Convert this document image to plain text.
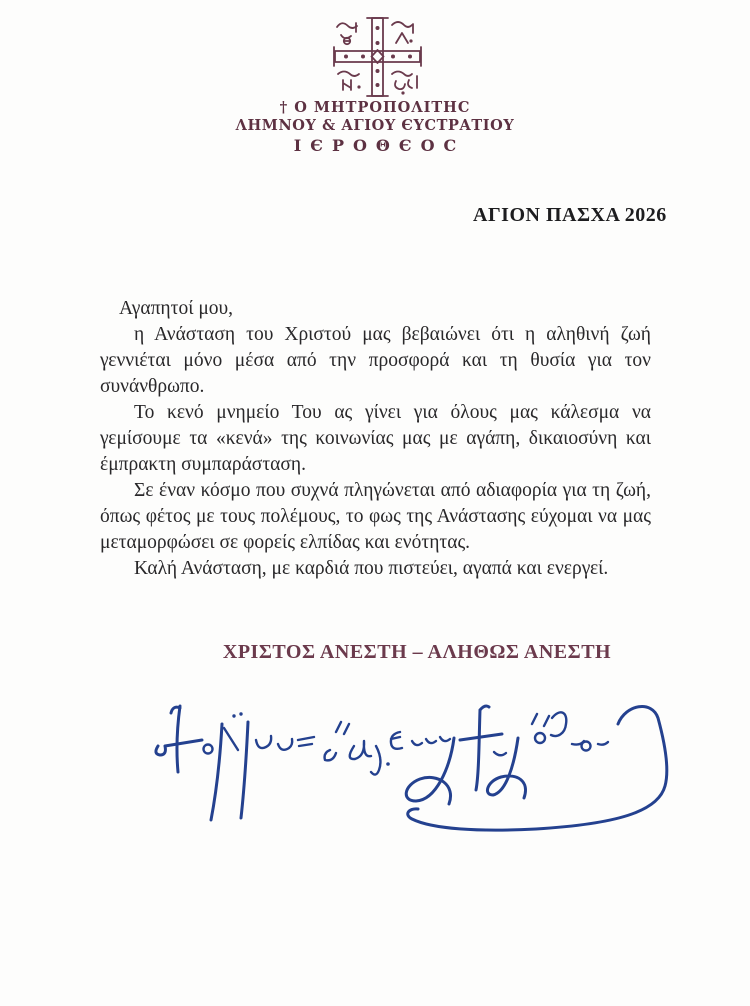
† Ο ΜΗΤΡΟΠΟΛΙΤΗϹ
ΛΗΜΝΟΥ & ΑΓΙΟΥ ЄΥϹΤΡΑΤΙΟΥ
ΙЄΡΟΘЄΟϹ
ΑΓΙΟΝ ΠΑΣΧΑ 2026

Αγαπητοί μου,

η Ανάσταση του Χριστού μας βεβαιώνει ότι η αληθινή ζωή γεννιέται μόνο μέσα από την προσφορά και τη θυσία για τον συνάνθρωπο.

Το κενό μνημείο Του ας γίνει για όλους μας κάλεσμα να γεμίσουμε τα «κενά» της κοινωνίας μας με αγάπη, δικαιοσύνη και έμπρακτη συμπαράσταση.

Σε έναν κόσμο που συχνά πληγώνεται από αδιαφορία για τη ζωή, όπως φέτος με τους πολέμους, το φως της Ανάστασης εύχομαι να μας μεταμορφώσει σε φορείς ελπίδας και ενότητας.

Καλή Ανάσταση, με καρδιά που πιστεύει, αγαπά και ενεργεί.

ΧΡΙΣΤΟΣ ΑΝΕΣΤΗ – ΑΛΗΘΩΣ ΑΝΕΣΤΗ
